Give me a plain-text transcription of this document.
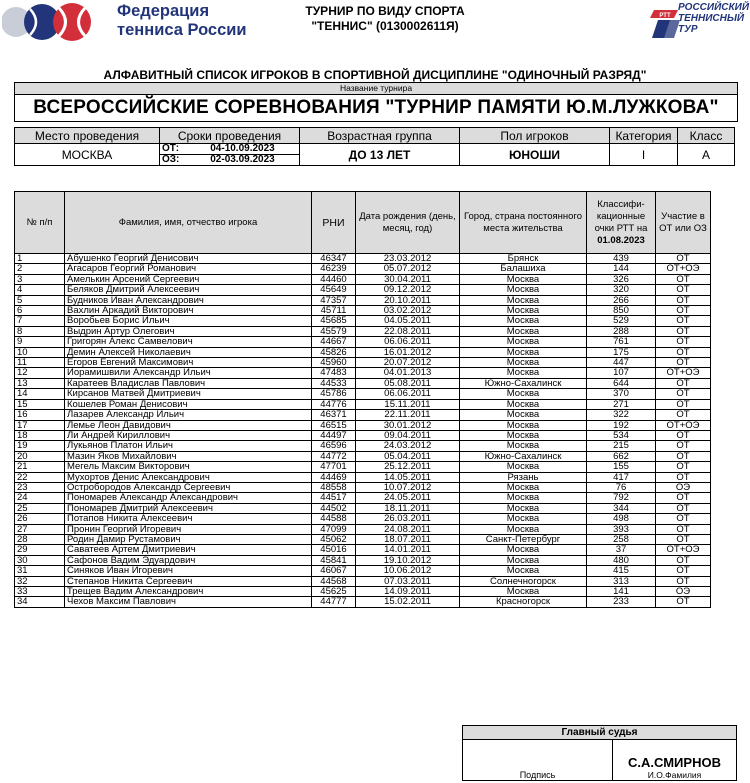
Федерация
тенниса России
ТУРНИР ПО ВИДУ СПОРТА
"ТЕННИС" (0130002611Я)
РТТ
РОССИЙСКИЙ
ТЕННИСНЫЙ
ТУР
АЛФАВИТНЫЙ СПИСОК ИГРОКОВ В СПОРТИВНОЙ ДИСЦИПЛИНЕ "ОДИНОЧНЫЙ РАЗРЯД"
Название турнира
ВСЕРОССИЙСКИЕ СОРЕВНОВАНИЯ "ТУРНИР ПАМЯТИ Ю.М.ЛУЖКОВА"
Место проведения	Сроки проведения	Возрастная группа	Пол игроков	Категория	Класс
МОСКВА	ОТ: 04-10.09.2023
ОЗ: 02-03.09.2023	ДО 13 ЛЕТ	ЮНОШИ	I	А
№ п/п	Фамилия, имя, отчество игрока	РНИ	Дата рождения (день, месяц, год)	Город, страна постоянного места жительства	Классифи-
кационные
очки РТТ на
01.08.2023	Участие в ОТ или ОЗ
1	Абушенко Георгий Денисович	46347	23.03.2012	Брянск	439	ОТ
2	Агасаров Георгий Романович	46239	05.07.2012	Балашиха	144	ОТ+ОЭ
3	Амелькин Арсений Сергеевич	44460	30.04.2011	Москва	326	ОТ
4	Беляков Дмитрий Алексеевич	45649	09.12.2012	Москва	320	ОТ
5	Будников Иван Александрович	47357	20.10.2011	Москва	266	ОТ
6	Вахлин Аркадий Викторович	45711	03.02.2012	Москва	850	ОТ
7	Воробьев Борис Ильич	45685	04.05.2011	Москва	529	ОТ
8	Выдрин Артур Олегович	45579	22.08.2011	Москва	288	ОТ
9	Григорян Алекс Самвелович	44667	06.06.2011	Москва	761	ОТ
10	Демин Алексей Николаевич	45826	16.01.2012	Москва	175	ОТ
11	Егоров Евгений Максимович	45960	20.07.2012	Москва	447	ОТ
12	Иорамишвили Александр Ильич	47483	04.01.2013	Москва	107	ОТ+ОЭ
13	Каратеев Владислав Павлович	44533	05.08.2011	Южно-Сахалинск	644	ОТ
14	Кирсанов Матвей Дмитриевич	45786	06.06.2011	Москва	370	ОТ
15	Кошелев Роман Денисович	44776	15.11.2011	Москва	271	ОТ
16	Лазарев Александр Ильич	46371	22.11.2011	Москва	322	ОТ
17	Лемье Леон Давидович	46515	30.01.2012	Москва	192	ОТ+ОЭ
18	Ли Андрей Кириллович	44497	09.04.2011	Москва	534	ОТ
19	Лукьянов Платон Ильич	46596	24.03.2012	Москва	215	ОТ
20	Мазин Яков Михайлович	44772	05.04.2011	Южно-Сахалинск	662	ОТ
21	Мегель Максим Викторович	47701	25.12.2011	Москва	155	ОТ
22	Мухортов Денис Александрович	44469	14.05.2011	Рязань	417	ОТ
23	Остробородов Александр Сергеевич	48558	10.07.2012	Москва	76	ОЭ
24	Пономарев Александр Александрович	44517	24.05.2011	Москва	792	ОТ
25	Пономарев Дмитрий Алексеевич	44502	18.11.2011	Москва	344	ОТ
26	Потапов Никита Алексеевич	44588	26.03.2011	Москва	498	ОТ
27	Пронин Георгий Игоревич	47099	24.08.2011	Москва	393	ОТ
28	Родин Дамир Рустамович	45062	18.07.2011	Санкт-Петербург	258	ОТ
29	Саватеев Артем Дмитриевич	45016	14.01.2011	Москва	37	ОТ+ОЭ
30	Сафонов Вадим Эдуардович	45841	19.10.2012	Москва	480	ОТ
31	Синяков Иван Игоревич	46067	10.06.2012	Москва	415	ОТ
32	Степанов Никита Сергеевич	44568	07.03.2011	Солнечногорск	313	ОТ
33	Трещев Вадим Александрович	45625	14.09.2011	Москва	141	ОЭ
34	Чехов Максим Павлович	44777	15.02.2011	Красногорск	233	ОТ
Главный судья
Подпись	
С.А.СМИРНОВ
И.О.Фамилия
